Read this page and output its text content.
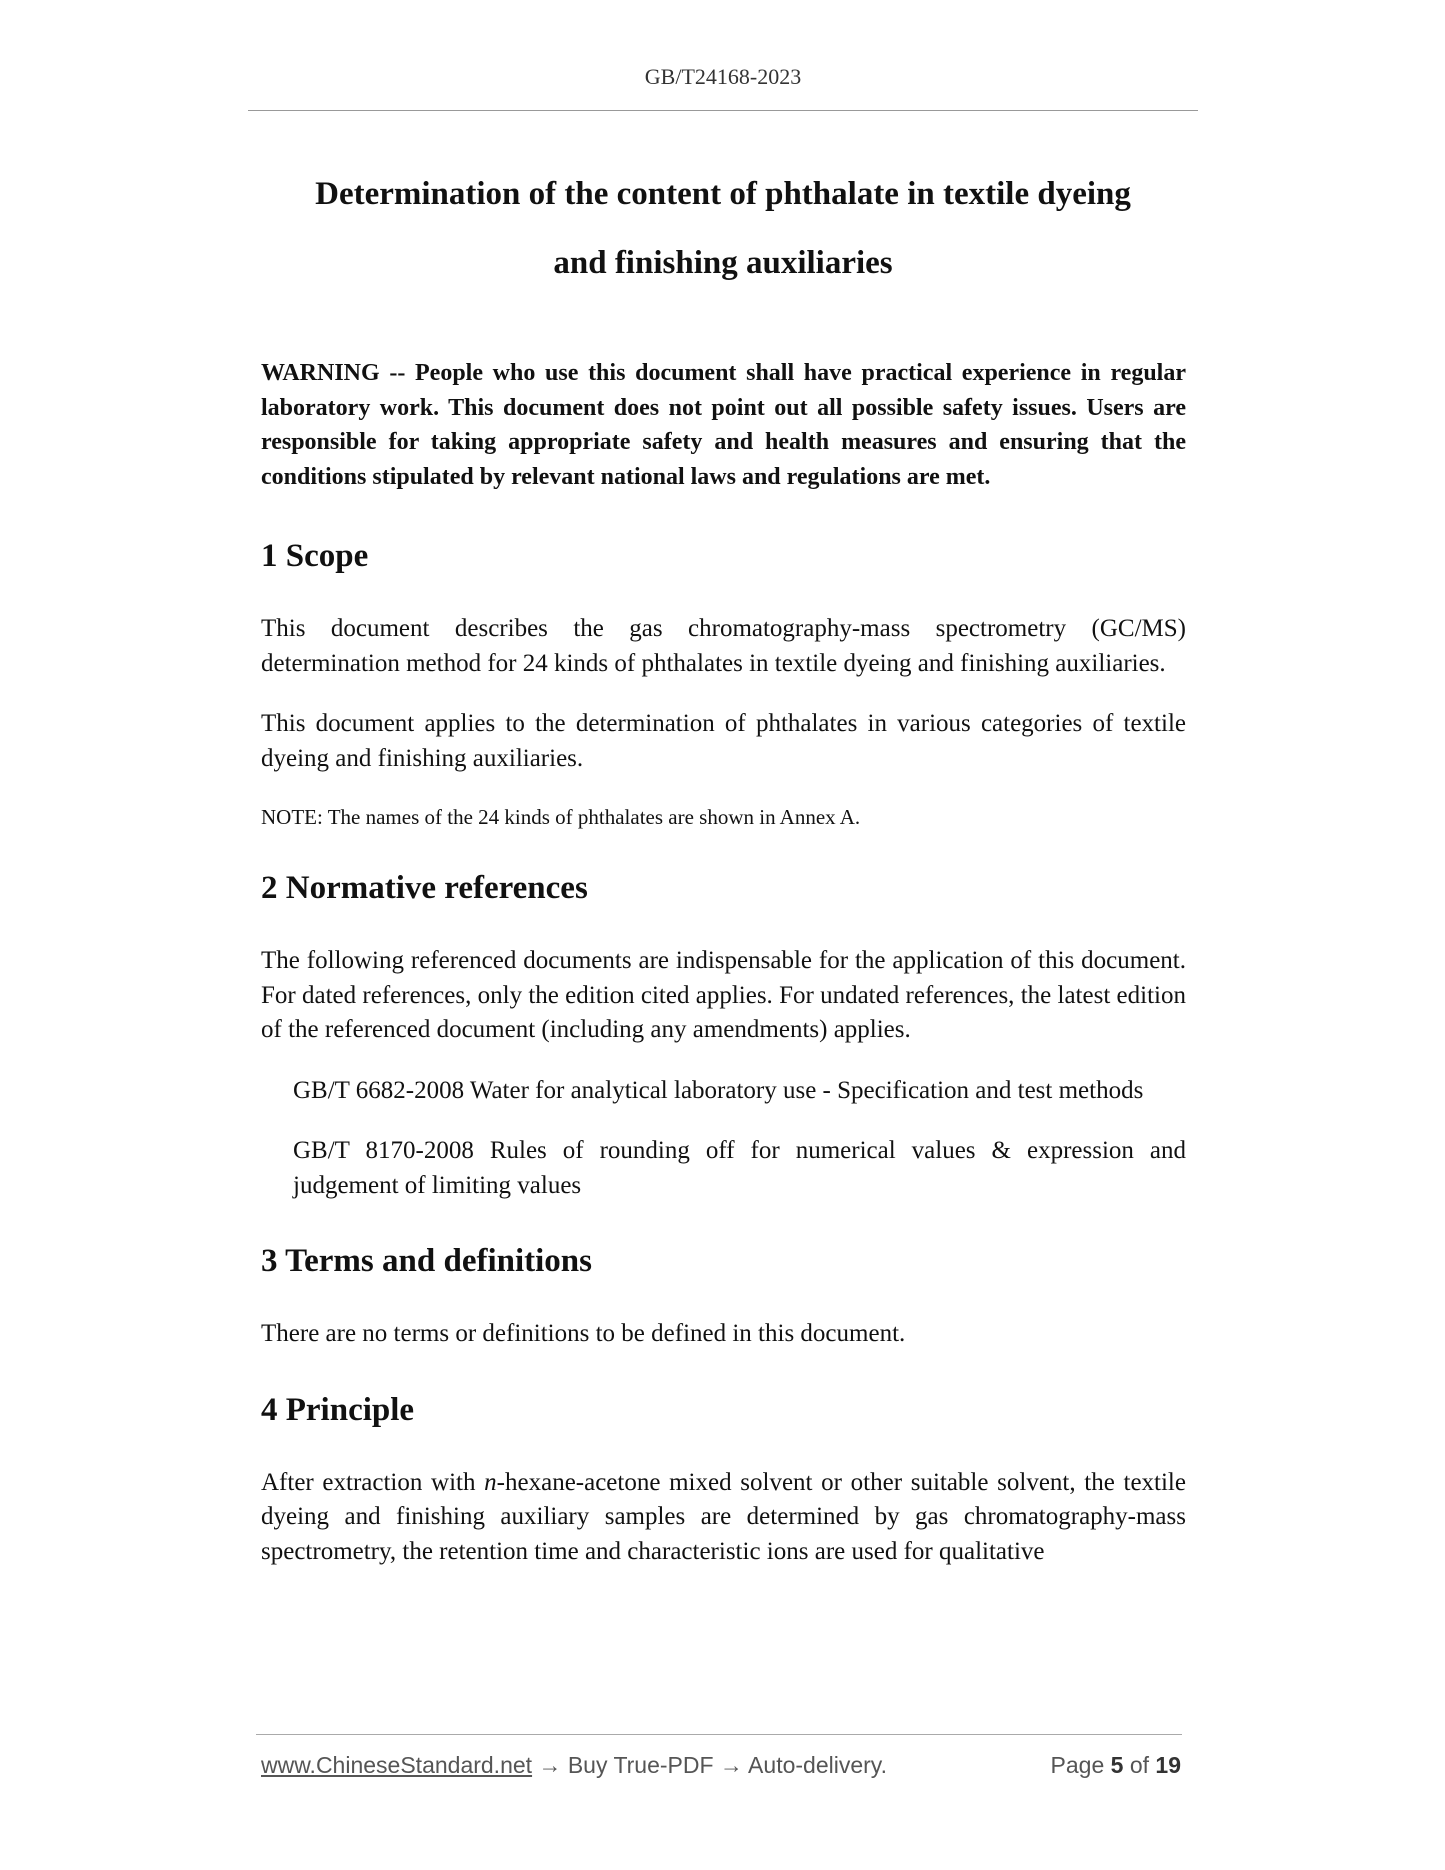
GB/T24168-2023
Determination of the content of phthalate in textile dyeing
and finishing auxiliaries

WARNING -- People who use this document shall have practical experience in regular laboratory work. This document does not point out all possible safety issues. Users are responsible for taking appropriate safety and health measures and ensuring that the conditions stipulated by relevant national laws and regulations are met.

1 Scope

This document describes the gas chromatography-mass spectrometry (GC/MS) determination method for 24 kinds of phthalates in textile dyeing and finishing auxiliaries.

This document applies to the determination of phthalates in various categories of textile dyeing and finishing auxiliaries.

NOTE: The names of the 24 kinds of phthalates are shown in Annex A.

2 Normative references

The following referenced documents are indispensable for the application of this document. For dated references, only the edition cited applies. For undated references, the latest edition of the referenced document (including any amendments) applies.

GB/T 6682-2008 Water for analytical laboratory use - Specification and test methods

GB/T 8170-2008 Rules of rounding off for numerical values & expression and judgement of limiting values

3 Terms and definitions

There are no terms or definitions to be defined in this document.

4 Principle

After extraction with n-hexane-acetone mixed solvent or other suitable solvent, the textile dyeing and finishing auxiliary samples are determined by gas chromatography-mass spectrometry, the retention time and characteristic ions are used for qualitative

www.ChineseStandard.net → Buy True-PDF → Auto-delivery.	Page 5 of 19
